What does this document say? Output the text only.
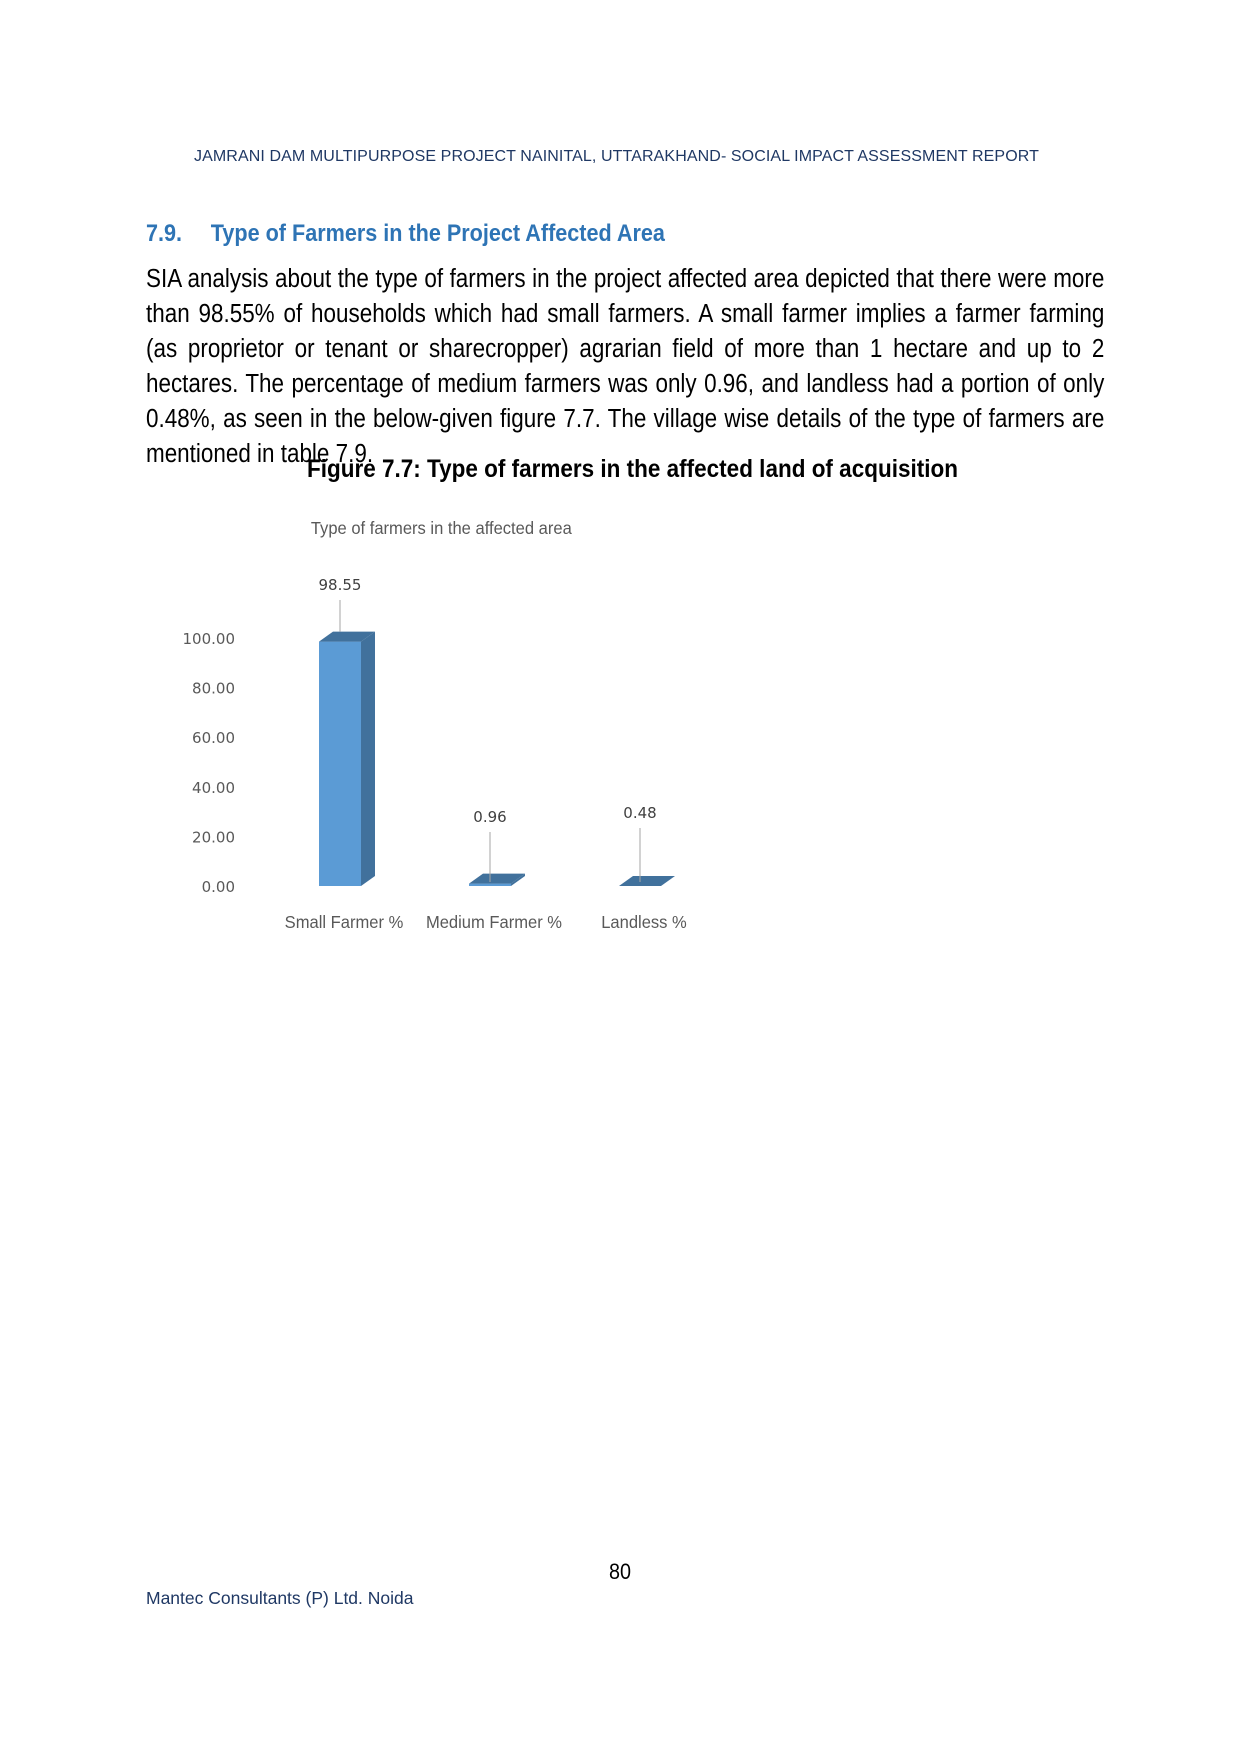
JAMRANI DAM MULTIPURPOSE PROJECT NAINITAL, UTTARAKHAND- SOCIAL IMPACT ASSESSMENT REPORT
7.9. Type of Farmers in the Project Affected Area
SIA analysis about the type of farmers in the project affected area depicted that there were more than 98.55% of households which had small farmers. A small farmer implies a farmer farming (as proprietor or tenant or sharecropper) agrarian field of more than 1 hectare and up to 2 hectares. The percentage of medium farmers was only 0.96, and landless had a portion of only 0.48%, as seen in the below-given figure 7.7. The village wise details of the type of farmers are mentioned in table 7.9.
Figure 7.7: Type of farmers in the affected land of acquisition
Type of farmers in the affected area
0.00
20.00
40.00
60.00
80.00
100.00
98.55
0.96	0.48
Small Farmer % Medium Farmer % Landless %
80
Mantec Consultants (P) Ltd. Noida
